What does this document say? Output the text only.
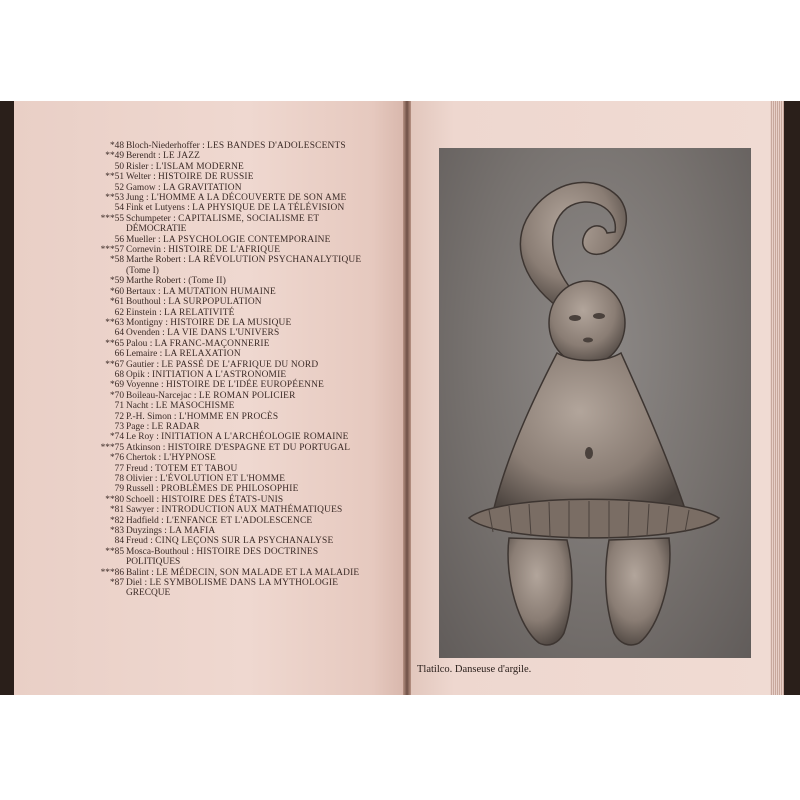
*48 Bloch-Niederhoffer : LES BANDES D'ADOLESCENTS
**49 Berendt : LE JAZZ
50 Risler : L'ISLAM MODERNE
**51 Welter : HISTOIRE DE RUSSIE
52 Gamow : LA GRAVITATION
**53 Jung : L'HOMME A LA DÉCOUVERTE DE SON AME
54 Fink et Lutyens : LA PHYSIQUE DE LA TÉLÉVISION
***55 Schumpeter : CAPITALISME, SOCIALISME ET
DÉMOCRATIE
56 Mueller : LA PSYCHOLOGIE CONTEMPORAINE
***57 Cornevin : HISTOIRE DE L'AFRIQUE
*58 Marthe Robert : LA RÉVOLUTION PSYCHANALYTIQUE
(Tome I)
*59 Marthe Robert : (Tome II)
*60 Bertaux : LA MUTATION HUMAINE
*61 Bouthoul : LA SURPOPULATION
62 Einstein : LA RELATIVITÉ
**63 Montigny : HISTOIRE DE LA MUSIQUE
64 Ovenden : LA VIE DANS L'UNIVERS
**65 Palou : LA FRANC-MAÇONNERIE
66 Lemaire : LA RELAXATION
**67 Gautier : LE PASSÉ DE L'AFRIQUE DU NORD
68 Opik : INITIATION A L'ASTRONOMIE
*69 Voyenne : HISTOIRE DE L'IDÉE EUROPÉENNE
*70 Boileau-Narcejac : LE ROMAN POLICIER
71 Nacht : LE MASOCHISME
72 P.-H. Simon : L'HOMME EN PROCÈS
73 Page : LE RADAR
*74 Le Roy : INITIATION A L'ARCHÉOLOGIE ROMAINE
***75 Atkinson : HISTOIRE D'ESPAGNE ET DU PORTUGAL
*76 Chertok : L'HYPNOSE
77 Freud : TOTEM ET TABOU
78 Olivier : L'ÉVOLUTION ET L'HOMME
79 Russell : PROBLÈMES DE PHILOSOPHIE
**80 Schoell : HISTOIRE DES ÉTATS-UNIS
*81 Sawyer : INTRODUCTION AUX MATHÉMATIQUES
*82 Hadfield : L'ENFANCE ET L'ADOLESCENCE
*83 Duyzings : LA MAFIA
84 Freud : CINQ LEÇONS SUR LA PSYCHANALYSE
**85 Mosca-Bouthoul : HISTOIRE DES DOCTRINES
POLITIQUES
***86 Balint : LE MÉDECIN, SON MALADE ET LA MALADIE
*87 Diel : LE SYMBOLISME DANS LA MYTHOLOGIE
GRECQUE
Tlatilco. Danseuse d'argile.
